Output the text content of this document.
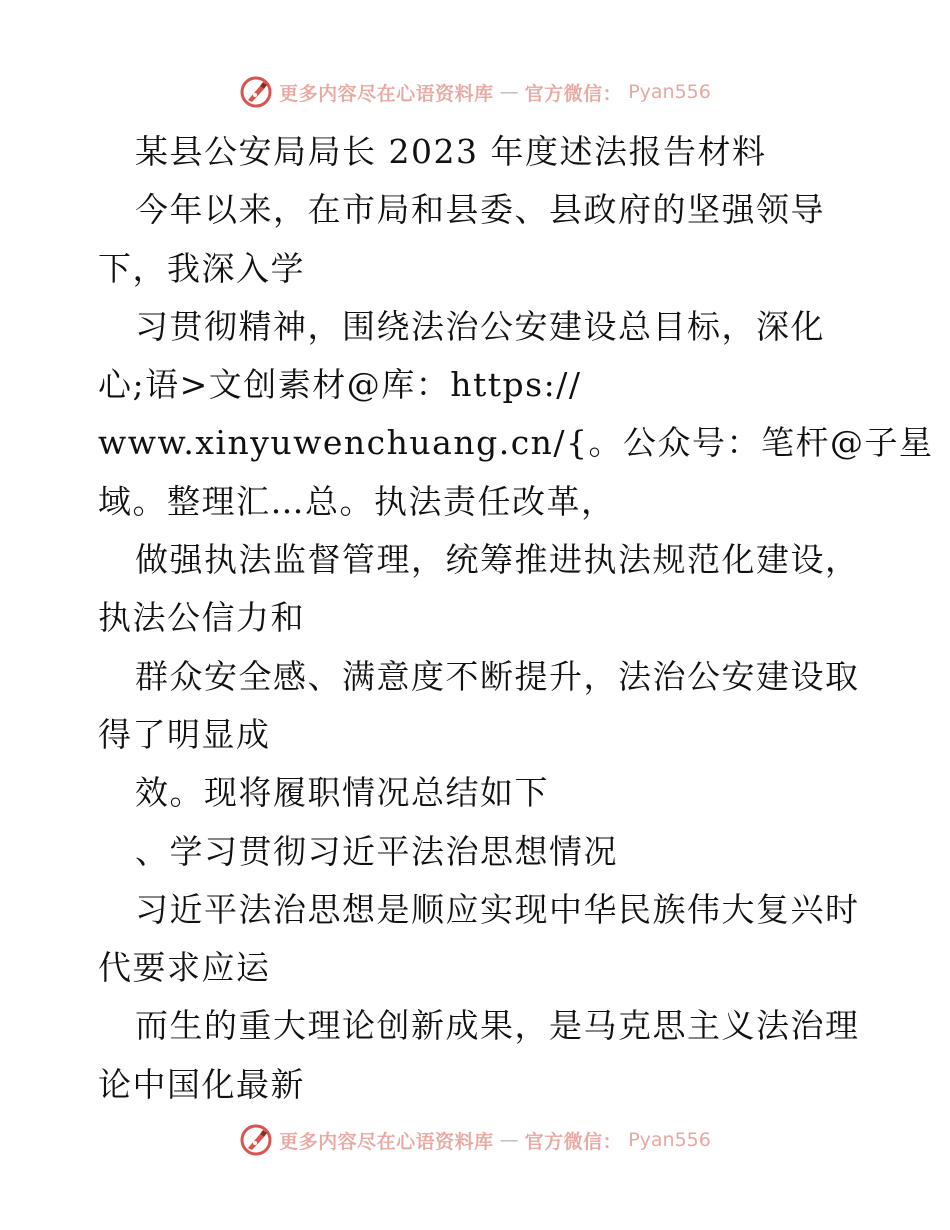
更多内容尽在心语资料库 — 官方微信： Pyan556

某县公安局局长 2023 年度述法报告材料

今年以来，在市局和县委、县政府的坚强领导

下，我深入学

习贯彻精神，围绕法治公安建设总目标，深化

心;语>文创素材@库：https://

www.xinyuwenchuang.cn/{。公众号：笔杆@子星

域。整理汇…总。执法责任改革，

做强执法监督管理，统筹推进执法规范化建设，

执法公信力和

群众安全感、满意度不断提升，法治公安建设取

得了明显成

效。现将履职情况总结如下

、学习贯彻习近平法治思想情况

习近平法治思想是顺应实现中华民族伟大复兴时

代要求应运

而生的重大理论创新成果，是马克思主义法治理

论中国化最新

更多内容尽在心语资料库 — 官方微信： Pyan556
